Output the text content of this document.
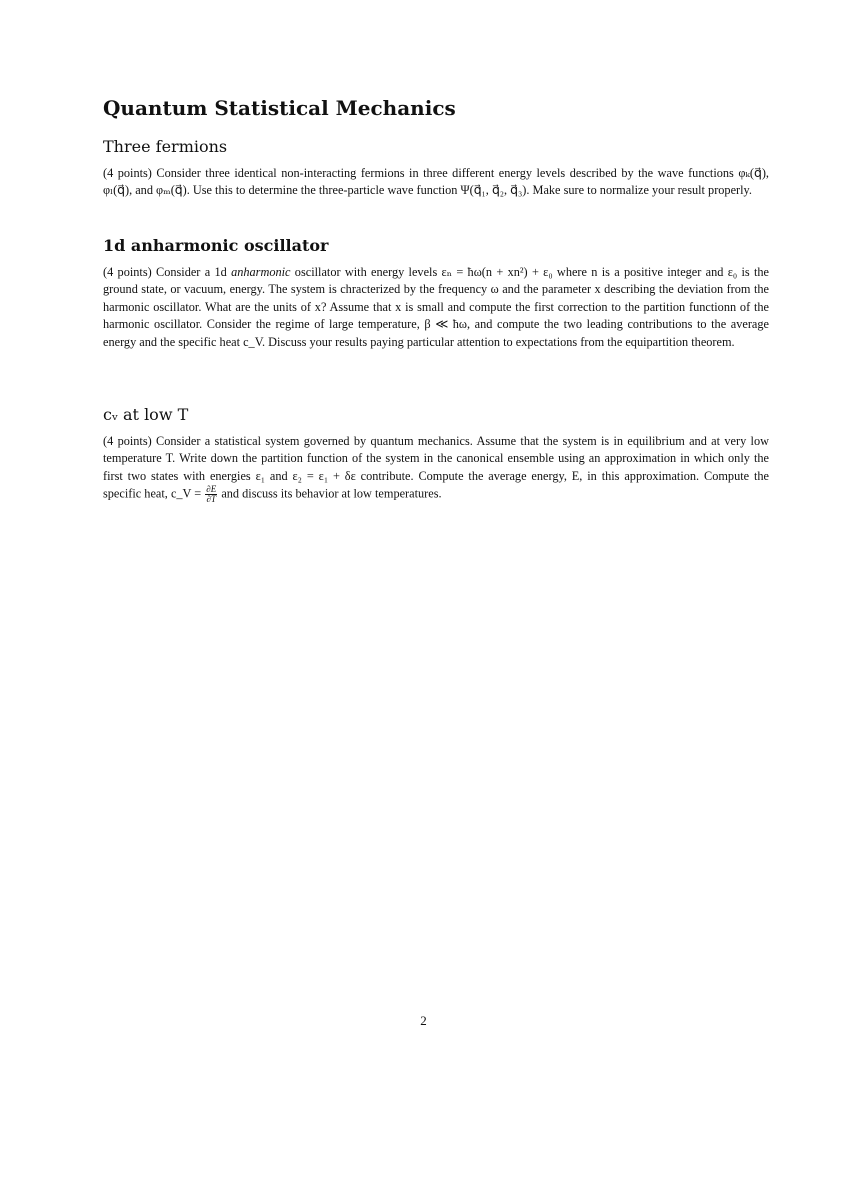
Quantum Statistical Mechanics
Three fermions

(4 points) Consider three identical non-interacting fermions in three different energy levels described by the wave functions φₖ(q⃗), φₗ(q⃗), and φₘ(q⃗). Use this to determine the three-particle wave function Ψ(q⃗₁, q⃗₂, q⃗₃). Make sure to normalize your result properly.

1d anharmonic oscillator

(4 points) Consider a 1d anharmonic oscillator with energy levels εₙ = ħω(n + xn²) + ε₀ where n is a positive integer and ε₀ is the ground state, or vacuum, energy. The system is chracterized by the frequency ω and the parameter x describing the deviation from the harmonic oscillator. What are the units of x? Assume that x is small and compute the first correction to the partition functionn of the harmonic oscillator. Consider the regime of large temperature, β ≪ ħω, and compute the two leading contributions to the average energy and the specific heat c_V. Discuss your results paying particular attention to expectations from the equipartition theorem.

cᵥ at low T

(4 points) Consider a statistical system governed by quantum mechanics. Assume that the system is in equilibrium and at very low temperature T. Write down the partition function of the system in the canonical ensemble using an approximation in which only the first two states with energies ε₁ and ε₂ = ε₁ + δε contribute. Compute the average energy, E, in this approximation. Compute the specific heat, c_V = $\frac{\partial E}{\partial T}$ and discuss its behavior at low temperatures.

2
